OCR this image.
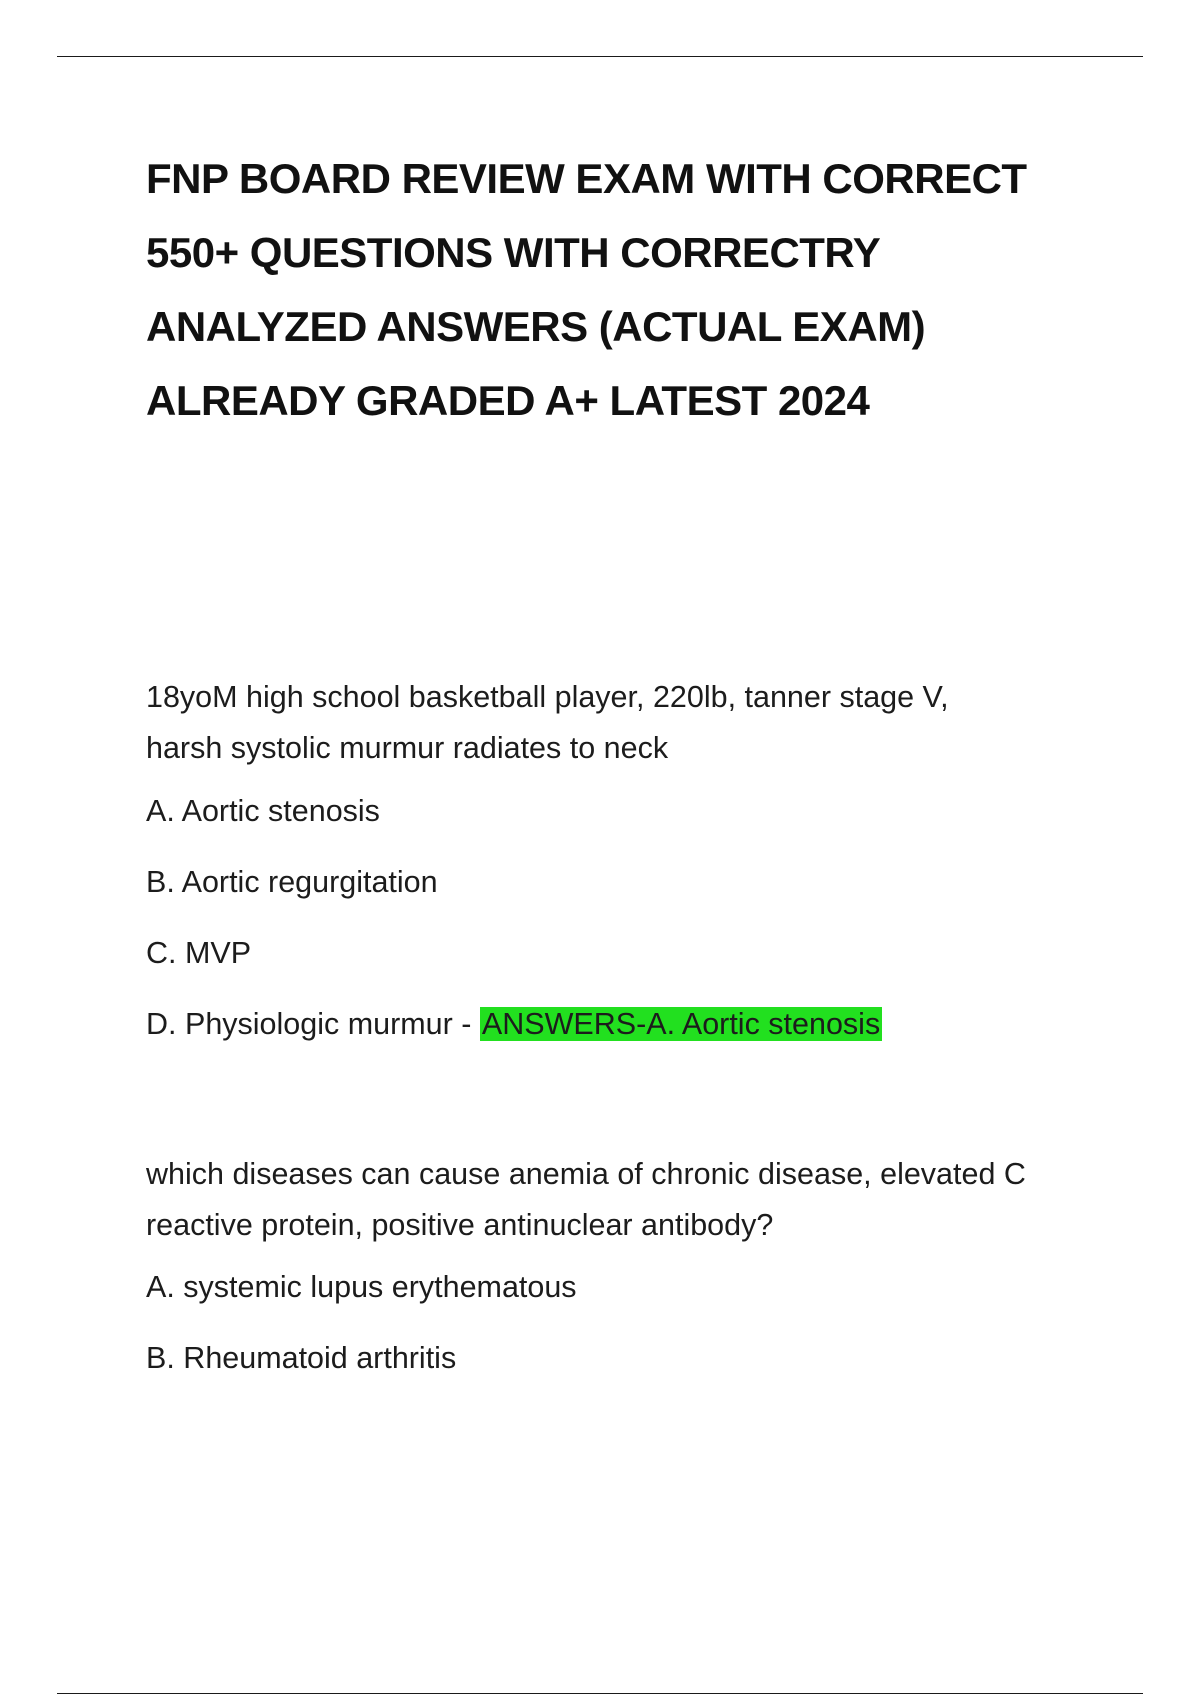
FNP BOARD REVIEW EXAM WITH CORRECT
550+ QUESTIONS WITH CORRECTRY
ANALYZED ANSWERS (ACTUAL EXAM)
ALREADY GRADED A+ LATEST 2024

18yoM high school basketball player, 220lb, tanner stage V,
harsh systolic murmur radiates to neck

A. Aortic stenosis

B. Aortic regurgitation

C. MVP

D. Physiologic murmur - ANSWERS-A. Aortic stenosis

which diseases can cause anemia of chronic disease, elevated C
reactive protein, positive antinuclear antibody?

A. systemic lupus erythematous

B. Rheumatoid arthritis
